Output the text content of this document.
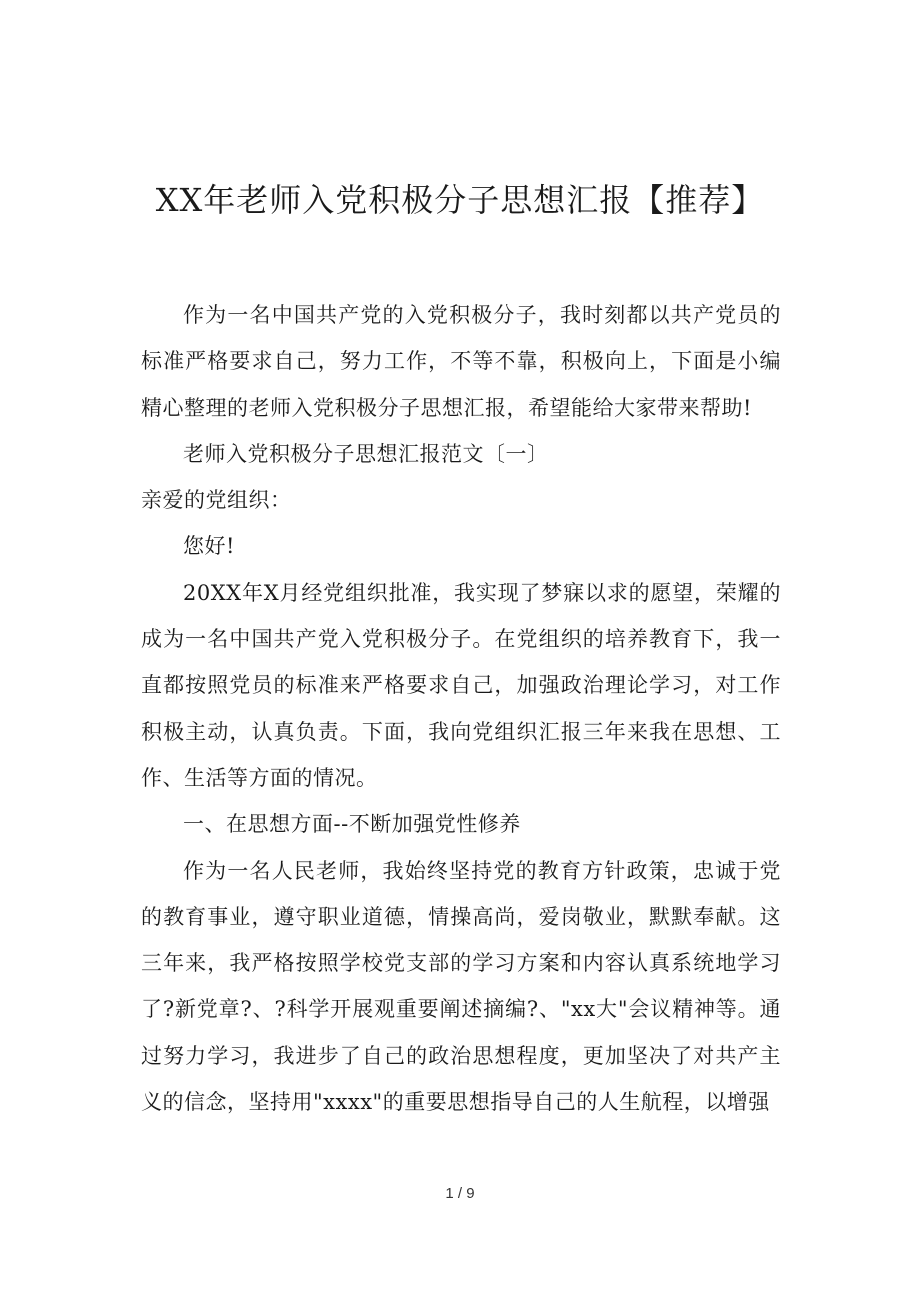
XX年老师入党积极分子思想汇报【推荐】

作为一名中国共产党的入党积极分子，我时刻都以共产党员的标准严格要求自己，努力工作，不等不靠，积极向上，下面是小编精心整理的老师入党积极分子思想汇报，希望能给大家带来帮助!

老师入党积极分子思想汇报范文〔一〕

亲爱的党组织：

您好!

20XX年X月经党组织批准，我实现了梦寐以求的愿望，荣耀的成为一名中国共产党入党积极分子。在党组织的培养教育下，我一直都按照党员的标准来严格要求自己，加强政治理论学习，对工作积极主动，认真负责。下面，我向党组织汇报三年来我在思想、工作、生活等方面的情况。

一、在思想方面--不断加强党性修养

作为一名人民老师，我始终坚持党的教育方针政策，忠诚于党的教育事业，遵守职业道德，情操高尚，爱岗敬业，默默奉献。这三年来，我严格按照学校党支部的学习方案和内容认真系统地学习了?新党章?、?科学开展观重要阐述摘编?、"xx大"会议精神等。通过努力学习，我进步了自己的政治思想程度，更加坚决了对共产主义的信念，坚持用"xxxx"的重要思想指导自己的人生航程，以增强

1 / 9
